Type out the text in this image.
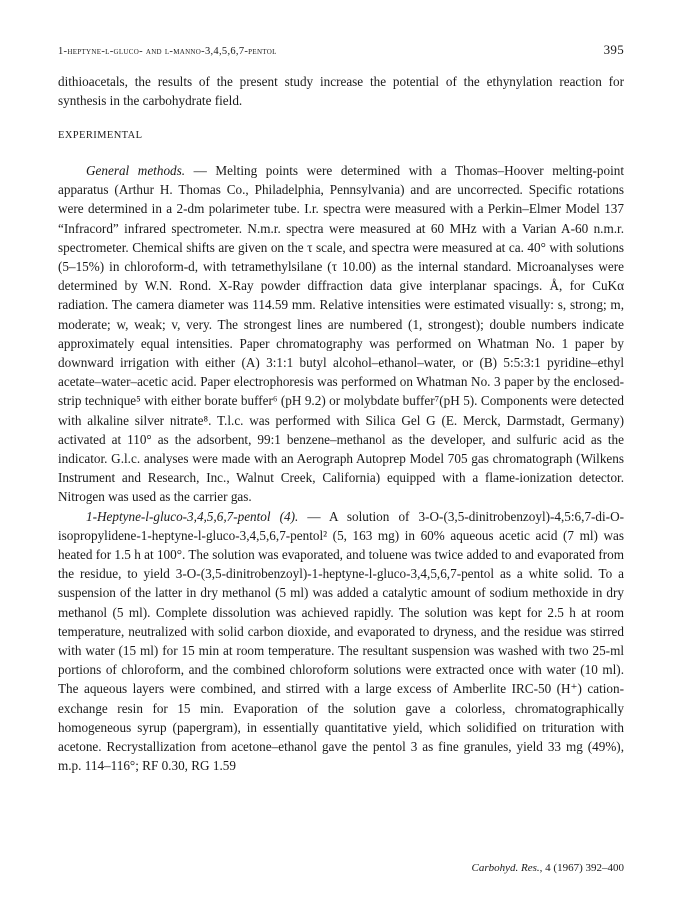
1-heptyne-l-gluco- and l-manno-3,4,5,6,7-pentol	395
dithioacetals, the results of the present study increase the potential of the ethynylation reaction for synthesis in the carbohydrate field.
EXPERIMENTAL

General methods. — Melting points were determined with a Thomas–Hoover melting-point apparatus (Arthur H. Thomas Co., Philadelphia, Pennsylvania) and are uncorrected. Specific rotations were determined in a 2-dm polarimeter tube. I.r. spectra were measured with a Perkin–Elmer Model 137 “Infracord” infrared spectrometer. N.m.r. spectra were measured at 60 MHz with a Varian A-60 n.m.r. spectrometer. Chemical shifts are given on the τ scale, and spectra were measured at ca. 40° with solutions (5–15%) in chloroform-d, with tetramethylsilane (τ 10.00) as the internal standard. Microanalyses were determined by W.N. Rond. X-Ray powder diffraction data give interplanar spacings. Å, for CuKα radiation. The camera diameter was 114.59 mm. Relative intensities were estimated visually: s, strong; m, moderate; w, weak; v, very. The strongest lines are numbered (1, strongest); double numbers indicate approximately equal intensities. Paper chromatography was performed on Whatman No. 1 paper by downward irrigation with either (A) 3:1:1 butyl alcohol–ethanol–water, or (B) 5:5:3:1 pyridine–ethyl acetate–water–acetic acid. Paper electrophoresis was performed on Whatman No. 3 paper by the enclosed-strip technique⁵ with either borate buffer⁶ (pH 9.2) or molybdate buffer⁷(pH 5). Components were detected with alkaline silver nitrate⁸. T.l.c. was performed with Silica Gel G (E. Merck, Darmstadt, Germany) activated at 110° as the adsorbent, 99:1 benzene–methanol as the developer, and sulfuric acid as the indicator. G.l.c. analyses were made with an Aerograph Autoprep Model 705 gas chromatograph (Wilkens Instrument and Research, Inc., Walnut Creek, California) equipped with a flame-ionization detector. Nitrogen was used as the carrier gas.

1-Heptyne-l-gluco-3,4,5,6,7-pentol (4). — A solution of 3-O-(3,5-dinitrobenzoyl)-4,5:6,7-di-O-isopropylidene-1-heptyne-l-gluco-3,4,5,6,7-pentol² (5, 163 mg) in 60% aqueous acetic acid (7 ml) was heated for 1.5 h at 100°. The solution was evaporated, and toluene was twice added to and evaporated from the residue, to yield 3-O-(3,5-dinitrobenzoyl)-1-heptyne-l-gluco-3,4,5,6,7-pentol as a white solid. To a suspension of the latter in dry methanol (5 ml) was added a catalytic amount of sodium methoxide in dry methanol (5 ml). Complete dissolution was achieved rapidly. The solution was kept for 2.5 h at room temperature, neutralized with solid carbon dioxide, and evaporated to dryness, and the residue was stirred with water (15 ml) for 15 min at room temperature. The resultant suspension was washed with two 25-ml portions of chloroform, and the combined chloroform solutions were extracted once with water (10 ml). The aqueous layers were combined, and stirred with a large excess of Amberlite IRC-50 (H⁺) cation-exchange resin for 15 min. Evaporation of the solution gave a colorless, chromatographically homogeneous syrup (papergram), in essentially quantitative yield, which solidified on trituration with acetone. Recrystallization from acetone–ethanol gave the pentol 3 as fine granules, yield 33 mg (49%), m.p. 114–116°; RF 0.30, RG 1.59

Carbohyd. Res., 4 (1967) 392–400
